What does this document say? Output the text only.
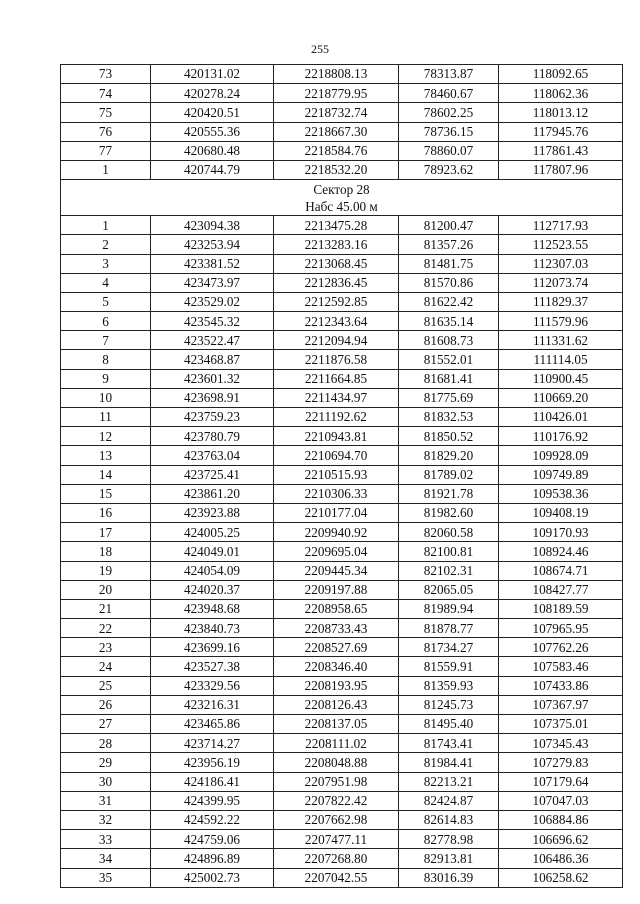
255
73	420131.02	2218808.13	78313.87	118092.65
74	420278.24	2218779.95	78460.67	118062.36
75	420420.51	2218732.74	78602.25	118013.12
76	420555.36	2218667.30	78736.15	117945.76
77	420680.48	2218584.76	78860.07	117861.43
1	420744.79	2218532.20	78923.62	117807.96

Сектор 28
Набс 45.00 м				

1	423094.38	2213475.28	81200.47	112717.93
2	423253.94	2213283.16	81357.26	112523.55
3	423381.52	2213068.45	81481.75	112307.03
4	423473.97	2212836.45	81570.86	112073.74
5	423529.02	2212592.85	81622.42	111829.37
6	423545.32	2212343.64	81635.14	111579.96
7	423522.47	2212094.94	81608.73	111331.62
8	423468.87	2211876.58	81552.01	111114.05
9	423601.32	2211664.85	81681.41	110900.45
10	423698.91	2211434.97	81775.69	110669.20
11	423759.23	2211192.62	81832.53	110426.01
12	423780.79	2210943.81	81850.52	110176.92
13	423763.04	2210694.70	81829.20	109928.09
14	423725.41	2210515.93	81789.02	109749.89
15	423861.20	2210306.33	81921.78	109538.36
16	423923.88	2210177.04	81982.60	109408.19
17	424005.25	2209940.92	82060.58	109170.93
18	424049.01	2209695.04	82100.81	108924.46
19	424054.09	2209445.34	82102.31	108674.71
20	424020.37	2209197.88	82065.05	108427.77
21	423948.68	2208958.65	81989.94	108189.59
22	423840.73	2208733.43	81878.77	107965.95
23	423699.16	2208527.69	81734.27	107762.26
24	423527.38	2208346.40	81559.91	107583.46
25	423329.56	2208193.95	81359.93	107433.86
26	423216.31	2208126.43	81245.73	107367.97
27	423465.86	2208137.05	81495.40	107375.01
28	423714.27	2208111.02	81743.41	107345.43
29	423956.19	2208048.88	81984.41	107279.83
30	424186.41	2207951.98	82213.21	107179.64
31	424399.95	2207822.42	82424.87	107047.03
32	424592.22	2207662.98	82614.83	106884.86
33	424759.06	2207477.11	82778.98	106696.62
34	424896.89	2207268.80	82913.81	106486.36
35	425002.73	2207042.55	83016.39	106258.62
